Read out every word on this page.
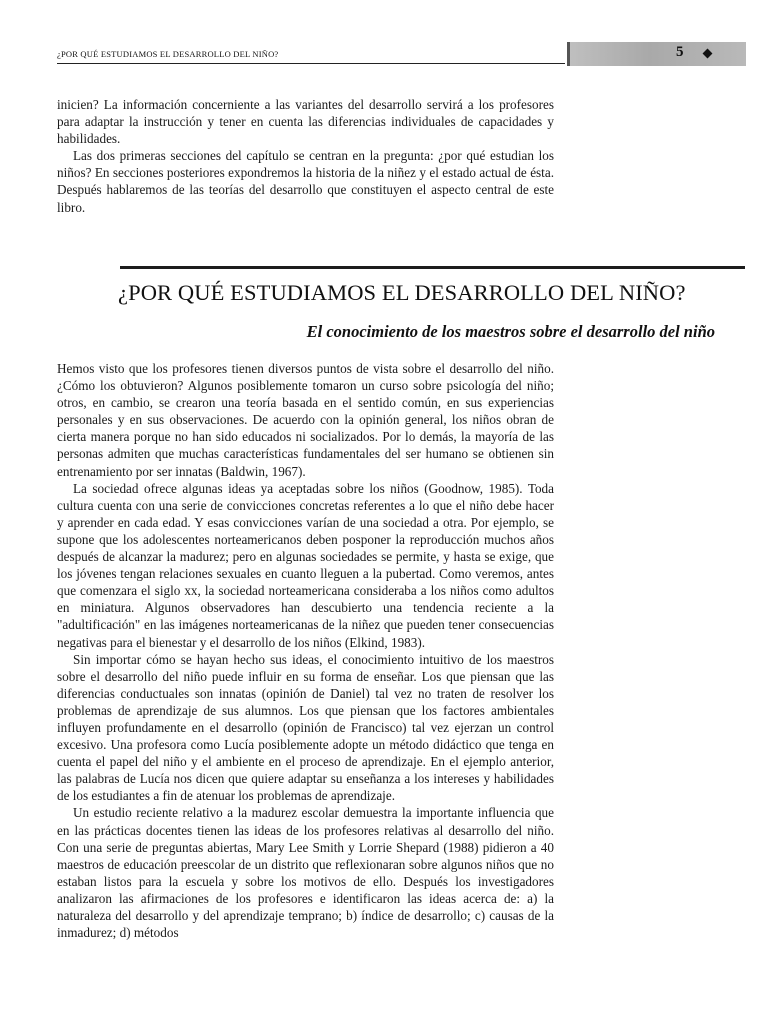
¿POR QUÉ ESTUDIAMOS EL DESARROLLO DEL NIÑO?	5

inicien? La información concerniente a las variantes del desarrollo servirá a los profesores para adaptar la instrucción y tener en cuenta las diferencias individuales de capacidades y habilidades.

Las dos primeras secciones del capítulo se centran en la pregunta: ¿por qué estudian los niños? En secciones posteriores expondremos la historia de la niñez y el estado actual de ésta. Después hablaremos de las teorías del desarrollo que constituyen el aspecto central de este libro.

¿POR QUÉ ESTUDIAMOS EL DESARROLLO DEL NIÑO?
El conocimiento de los maestros sobre el desarrollo del niño

Hemos visto que los profesores tienen diversos puntos de vista sobre el desarrollo del niño. ¿Cómo los obtuvieron? Algunos posiblemente tomaron un curso sobre psicología del niño; otros, en cambio, se crearon una teoría basada en el sentido común, en sus experiencias personales y en sus observaciones. De acuerdo con la opinión general, los niños obran de cierta manera porque no han sido educados ni socializados. Por lo demás, la mayoría de las personas admiten que muchas características fundamentales del ser humano se obtienen sin entrenamiento por ser innatas (Baldwin, 1967).

La sociedad ofrece algunas ideas ya aceptadas sobre los niños (Goodnow, 1985). Toda cultura cuenta con una serie de convicciones concretas referentes a lo que el niño debe hacer y aprender en cada edad. Y esas convicciones varían de una sociedad a otra. Por ejemplo, se supone que los adolescentes norteamericanos deben posponer la reproducción muchos años después de alcanzar la madurez; pero en algunas sociedades se permite, y hasta se exige, que los jóvenes tengan relaciones sexuales en cuanto lleguen a la pubertad. Como veremos, antes que comenzara el siglo xx, la sociedad norteamericana consideraba a los niños como adultos en miniatura. Algunos observadores han descubierto una tendencia reciente a la "adultificación" en las imágenes norteamericanas de la niñez que pueden tener consecuencias negativas para el bienestar y el desarrollo de los niños (Elkind, 1983).

Sin importar cómo se hayan hecho sus ideas, el conocimiento intuitivo de los maestros sobre el desarrollo del niño puede influir en su forma de enseñar. Los que piensan que las diferencias conductuales son innatas (opinión de Daniel) tal vez no traten de resolver los problemas de aprendizaje de sus alumnos. Los que piensan que los factores ambientales influyen profundamente en el desarrollo (opinión de Francisco) tal vez ejerzan un control excesivo. Una profesora como Lucía posiblemente adopte un método didáctico que tenga en cuenta el papel del niño y el ambiente en el proceso de aprendizaje. En el ejemplo anterior, las palabras de Lucía nos dicen que quiere adaptar su enseñanza a los intereses y habilidades de los estudiantes a fin de atenuar los problemas de aprendizaje.

Un estudio reciente relativo a la madurez escolar demuestra la importante influencia que en las prácticas docentes tienen las ideas de los profesores relativas al desarrollo del niño. Con una serie de preguntas abiertas, Mary Lee Smith y Lorrie Shepard (1988) pidieron a 40 maestros de educación preescolar de un distrito que reflexionaran sobre algunos niños que no estaban listos para la escuela y sobre los motivos de ello. Después los investigadores analizaron las afirmaciones de los profesores e identificaron las ideas acerca de: a) la naturaleza del desarrollo y del aprendizaje temprano; b) índice de desarrollo; c) causas de la inmadurez; d) métodos
